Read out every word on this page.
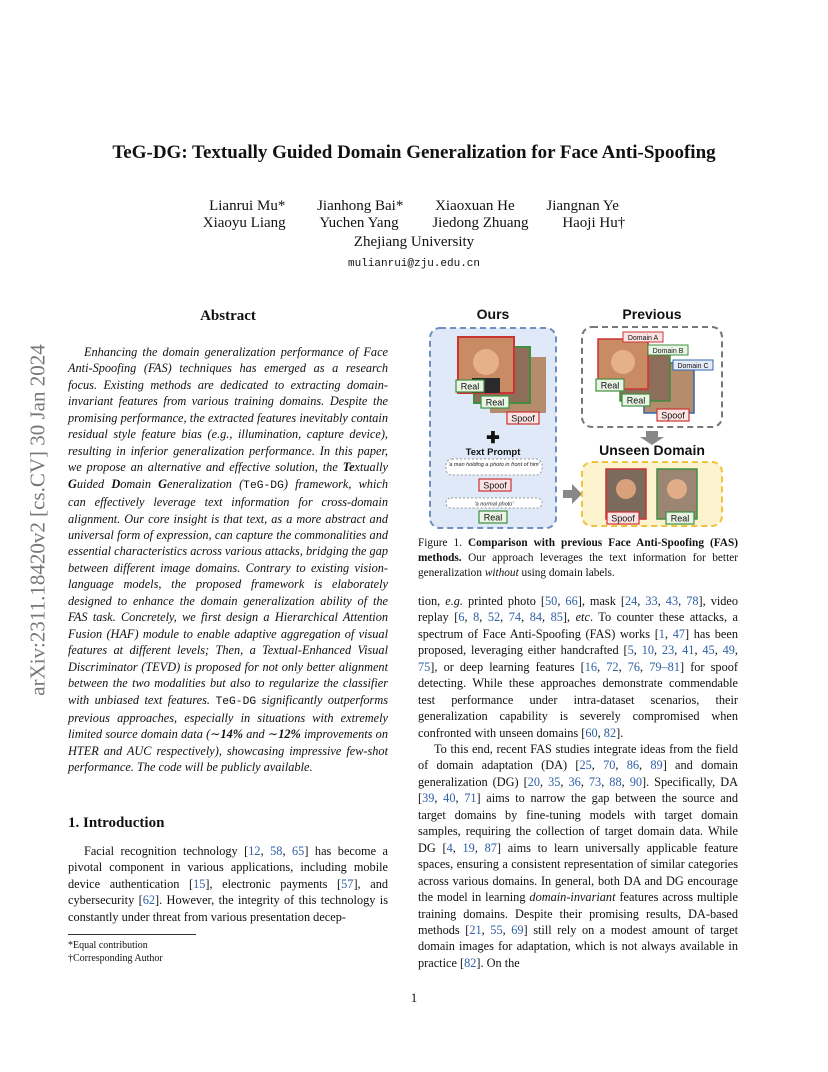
TeG-DG: Textually Guided Domain Generalization for Face Anti-Spoofing
Lianrui Mu* Jianhong Bai* Xiaoxuan He Jiangnan Ye
Xiaoyu Liang Yuchen Yang Jiedong Zhuang Haoji Hu†
Zhejiang University
mulianrui@zju.edu.cn
arXiv:2311.18420v2 [cs.CV] 30 Jan 2024
Abstract
Enhancing the domain generalization performance of Face Anti-Spoofing (FAS) techniques has emerged as a research focus. Existing methods are dedicated to extracting domain-invariant features from various training domains. Despite the promising performance, the extracted features inevitably contain residual style feature bias (e.g., illumination, capture device), resulting in inferior generalization performance. In this paper, we propose an alternative and effective solution, the Textually Guided Domain Generalization (TeG-DG) framework, which can effectively leverage text information for cross-domain alignment. Our core insight is that text, as a more abstract and universal form of expression, can capture the commonalities and essential characteristics across various attacks, bridging the gap between different image domains. Contrary to existing vision-language models, the proposed framework is elaborately designed to enhance the domain generalization ability of the FAS task. Concretely, we first design a Hierarchical Attention Fusion (HAF) module to enable adaptive aggregation of visual features at different levels; Then, a Textual-Enhanced Visual Discriminator (TEVD) is proposed for not only better alignment between the two modalities but also to regularize the classifier with unbiased text features. TeG-DG significantly outperforms previous approaches, especially in situations with extremely limited source domain data (∼14% and ∼12% improvements on HTER and AUC respectively), showcasing impressive few-shot performance. The code will be publicly available.
1. Introduction
Facial recognition technology [12, 58, 65] has become a pivotal component in various applications, including mobile device authentication [15], electronic payments [57], and cybersecurity [62]. However, the integrity of this technology is constantly under threat from various presentation decep-
*Equal contribution
†Corresponding Author
Ours
Real
Real
Spoof
✚
Text Prompt
'a man holding a photo in front of him'
Spoof
'a normal photo'
Real
Previous
Domain A
Domain B
Domain C
Real
Real
Spoof
Unseen Domain
Spoof	Real
Figure 1. Comparison with previous Face Anti-Spoofing (FAS) methods. Our approach leverages the text information for better generalization without using domain labels.
tion, e.g. printed photo [50, 66], mask [24, 33, 43, 78], video replay [6, 8, 52, 74, 84, 85], etc. To counter these attacks, a spectrum of Face Anti-Spoofing (FAS) works [1, 47] has been proposed, leveraging either handcrafted [5, 10, 23, 41, 45, 49, 75], or deep learning features [16, 72, 76, 79–81] for spoof detecting. While these approaches demonstrate commendable test performance under intra-dataset scenarios, their generalization capability is severely compromised when confronted with unseen domains [60, 82].
To this end, recent FAS studies integrate ideas from the field of domain adaptation (DA) [25, 70, 86, 89] and domain generalization (DG) [20, 35, 36, 73, 88, 90]. Specifically, DA [39, 40, 71] aims to narrow the gap between the source and target domains by fine-tuning models with target domain samples, requiring the collection of target domain data. While DG [4, 19, 87] aims to learn universally applicable feature spaces, ensuring a consistent representation of similar categories across various domains. In general, both DA and DG encourage the model in learning domain-invariant features across multiple training domains. Despite their promising results, DA-based methods [21, 55, 69] still rely on a modest amount of target domain images for adaptation, which is not always available in practice [82]. On the
1
